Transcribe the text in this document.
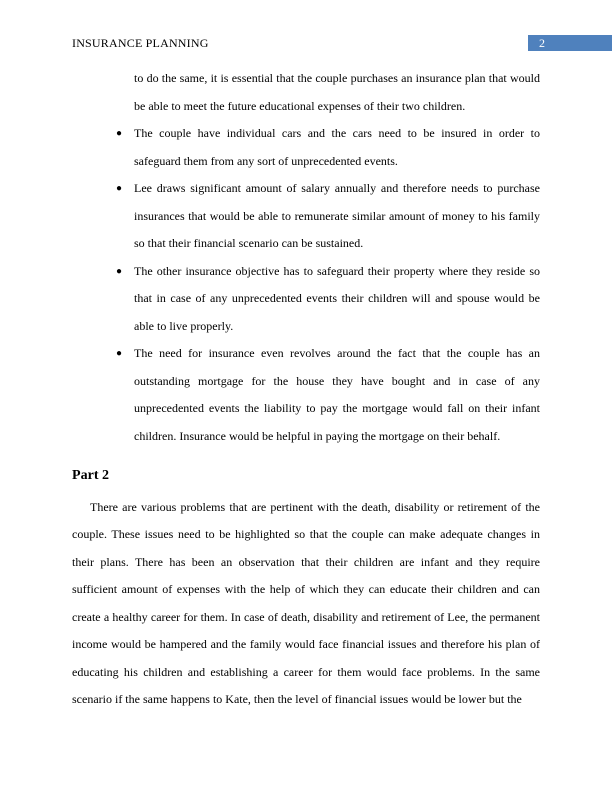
INSURANCE PLANNING	2

to do the same, it is essential that the couple purchases an insurance plan that would be able to meet the future educational expenses of their two children.

● The couple have individual cars and the cars need to be insured in order to safeguard them from any sort of unprecedented events.
● Lee draws significant amount of salary annually and therefore needs to purchase insurances that would be able to remunerate similar amount of money to his family so that their financial scenario can be sustained.
● The other insurance objective has to safeguard their property where they reside so that in case of any unprecedented events their children will and spouse would be able to live properly.
● The need for insurance even revolves around the fact that the couple has an outstanding mortgage for the house they have bought and in case of any unprecedented events the liability to pay the mortgage would fall on their infant children. Insurance would be helpful in paying the mortgage on their behalf.
Part 2

There are various problems that are pertinent with the death, disability or retirement of the couple. These issues need to be highlighted so that the couple can make adequate changes in their plans. There has been an observation that their children are infant and they require sufficient amount of expenses with the help of which they can educate their children and can create a healthy career for them. In case of death, disability and retirement of Lee, the permanent income would be hampered and the family would face financial issues and therefore his plan of educating his children and establishing a career for them would face problems. In the same scenario if the same happens to Kate, then the level of financial issues would be lower but the
